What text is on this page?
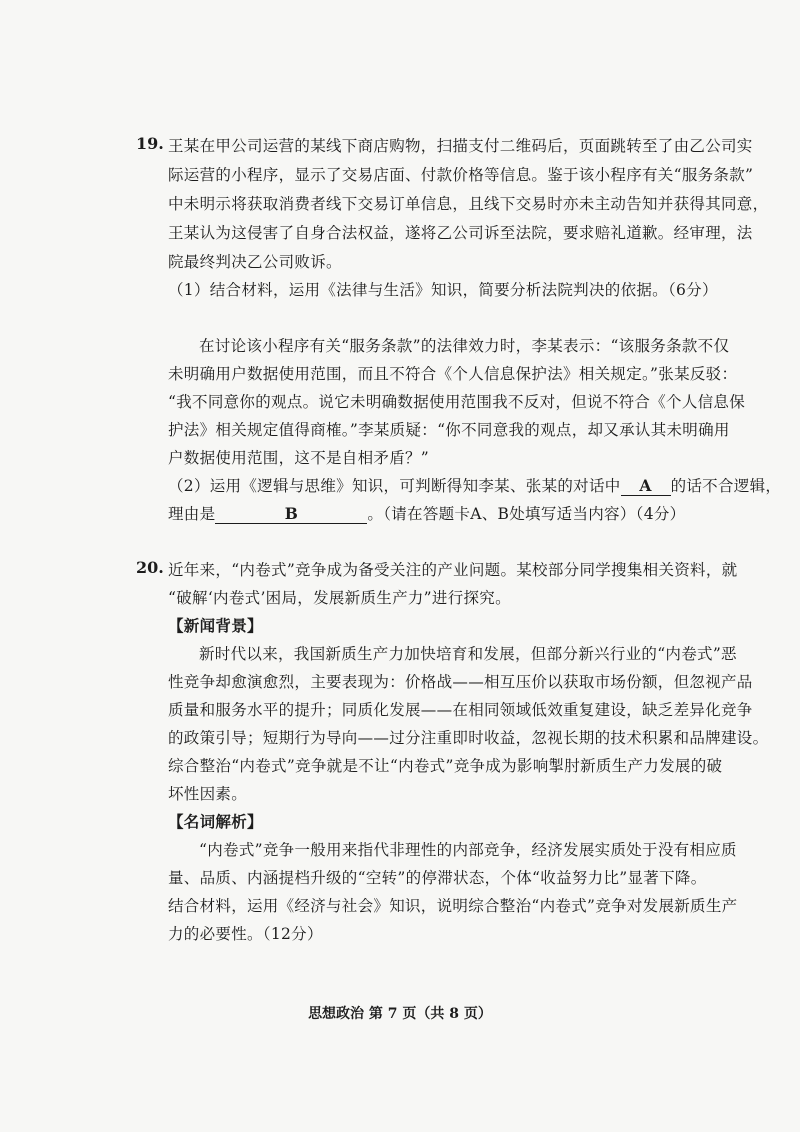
19. 王某在甲公司运营的某线下商店购物，扫描支付二维码后，页面跳转至了由乙公司实
际运营的小程序，显示了交易店面、付款价格等信息。鉴于该小程序有关“服务条款”
中未明示将获取消费者线下交易订单信息，且线下交易时亦未主动告知并获得其同意，
王某认为这侵害了自身合法权益，遂将乙公司诉至法院，要求赔礼道歉。经审理，法
院最终判决乙公司败诉。
（1）结合材料，运用《法律与生活》知识，简要分析法院判决的依据。（6分）
在讨论该小程序有关“服务条款”的法律效力时，李某表示：“该服务条款不仅
未明确用户数据使用范围，而且不符合《个人信息保护法》相关规定。”张某反驳：
“我不同意你的观点。说它未明确数据使用范围我不反对，但说不符合《个人信息保
护法》相关规定值得商榷。”李某质疑：“你不同意我的观点，却又承认其未明确用
户数据使用范围，这不是自相矛盾？”
（2）运用《逻辑与思维》知识，可判断得知李某、张某的对话中 A 的话不合逻辑，
理由是	B	。（请在答题卡A、B处填写适当内容）（4分）
20. 近年来，“内卷式”竞争成为备受关注的产业问题。某校部分同学搜集相关资料，就
“破解‘内卷式’困局，发展新质生产力”进行探究。
【新闻背景】
新时代以来，我国新质生产力加快培育和发展，但部分新兴行业的“内卷式”恶
性竞争却愈演愈烈，主要表现为：价格战——相互压价以获取市场份额，但忽视产品
质量和服务水平的提升；同质化发展——在相同领域低效重复建设，缺乏差异化竞争
的政策引导；短期行为导向——过分注重即时收益，忽视长期的技术积累和品牌建设。
综合整治“内卷式”竞争就是不让“内卷式”竞争成为影响掣肘新质生产力发展的破
坏性因素。
【名词解析】
“内卷式”竞争一般用来指代非理性的内部竞争，经济发展实质处于没有相应质
量、品质、内涵提档升级的“空转”的停滞状态，个体“收益努力比”显著下降。
结合材料，运用《经济与社会》知识，说明综合整治“内卷式”竞争对发展新质生产
力的必要性。（12分）
思想政治 第 7 页（共 8 页）
